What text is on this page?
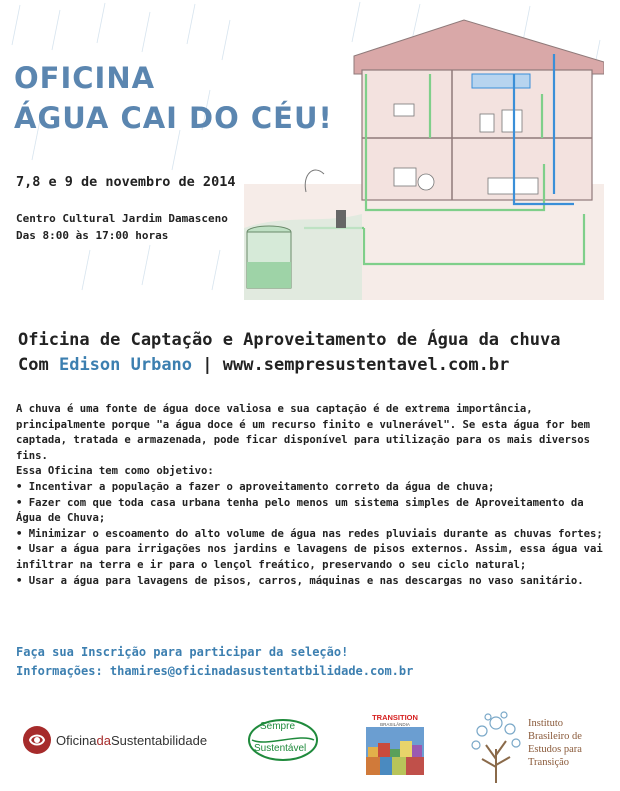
OFICINA
ÁGUA CAI DO CÉU!
7,8 e 9 de novembro de 2014
Centro Cultural Jardim Damasceno
Das 8:00 às 17:00 horas
Oficina de Captação e Aproveitamento de Água da chuva
Com Edison Urbano | www.sempresustentavel.com.br

A chuva é uma fonte de água doce valiosa e sua captação é de extrema importância, principalmente porque "a água doce é um recurso finito e vulnerável". Se esta água for bem captada, tratada e armazenada, pode ficar disponível para utilização para os mais diversos fins.

Essa Oficina tem como objetivo:

• Incentivar a população a fazer o aproveitamento correto da água de chuva;
• Fazer com que toda casa urbana tenha pelo menos um sistema simples de Aproveitamento da Água de Chuva;
• Minimizar o escoamento do alto volume de água nas redes pluviais durante as chuvas fortes;
• Usar a água para irrigações nos jardins e lavagens de pisos externos. Assim, essa água vai infiltrar na terra e ir para o lençol freático, preservando o seu ciclo natural;
• Usar a água para lavagens de pisos, carros, máquinas e nas descargas no vaso sanitário.
Faça sua Inscrição para participar da seleção!
Informações: thamires@oficinadasustentatbilidade.com.br
OficinadaSustentabilidade
Sempre
Sustentável
TRANSITION
BRASILÂNDIA	Instituto
Brasileiro de
Estudos para
Transição
